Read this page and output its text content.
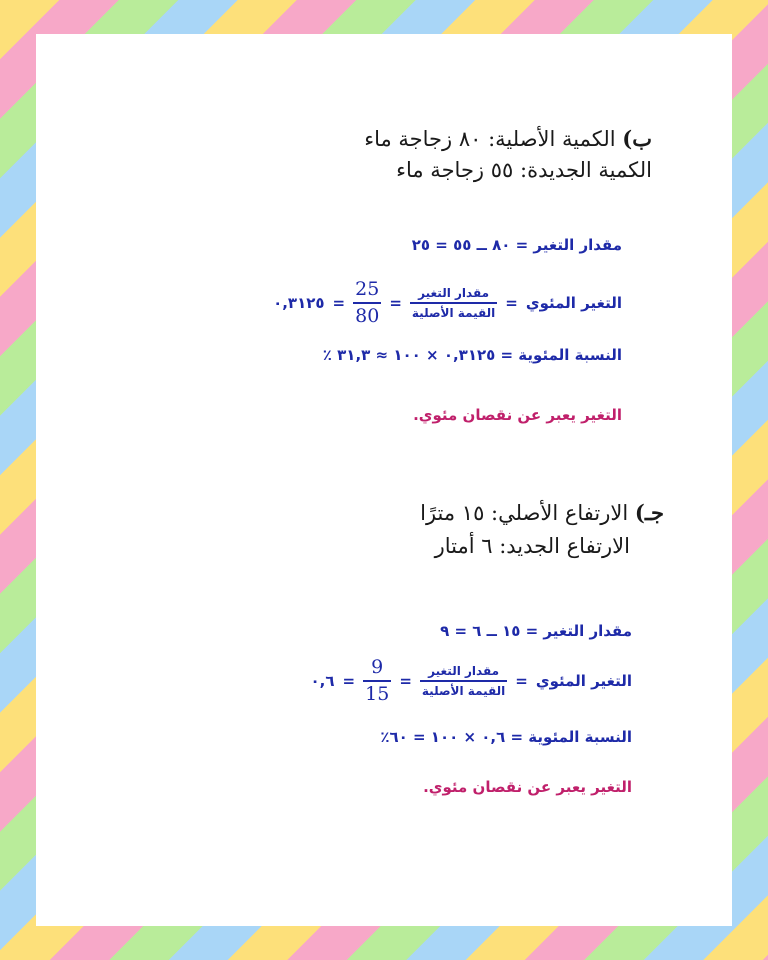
ب) الكمية الأصلية: ٨٠ زجاجة ماء
الكمية الجديدة: ٥٥ زجاجة ماء
مقدار التغير = ٨٠ ــ ٥٥ = ٢٥
التغير المئوي
=
$\frac{\text{مقدار التغير}}{\text{القيمة الأصلية}}$
=
$\frac{25}{80}$
=
٠,٣١٢٥
النسبة المئوية = ٠,٣١٢٥ × ١٠٠ ≈ ٣١,٣ ٪
التغير يعبر عن نقصان مئوي.
جـ) الارتفاع الأصلي: ١٥ مترًا
الارتفاع الجديد: ٦ أمتار
مقدار التغير = ١٥ ــ ٦ = ٩
التغير المئوي
=
$\frac{\text{مقدار التغير}}{\text{القيمة الأصلية}}$
=
$\frac{9}{15}$
=
٠,٦
النسبة المئوية = ٠,٦ × ١٠٠ = ٦٠٪
التغير يعبر عن نقصان مئوي.
